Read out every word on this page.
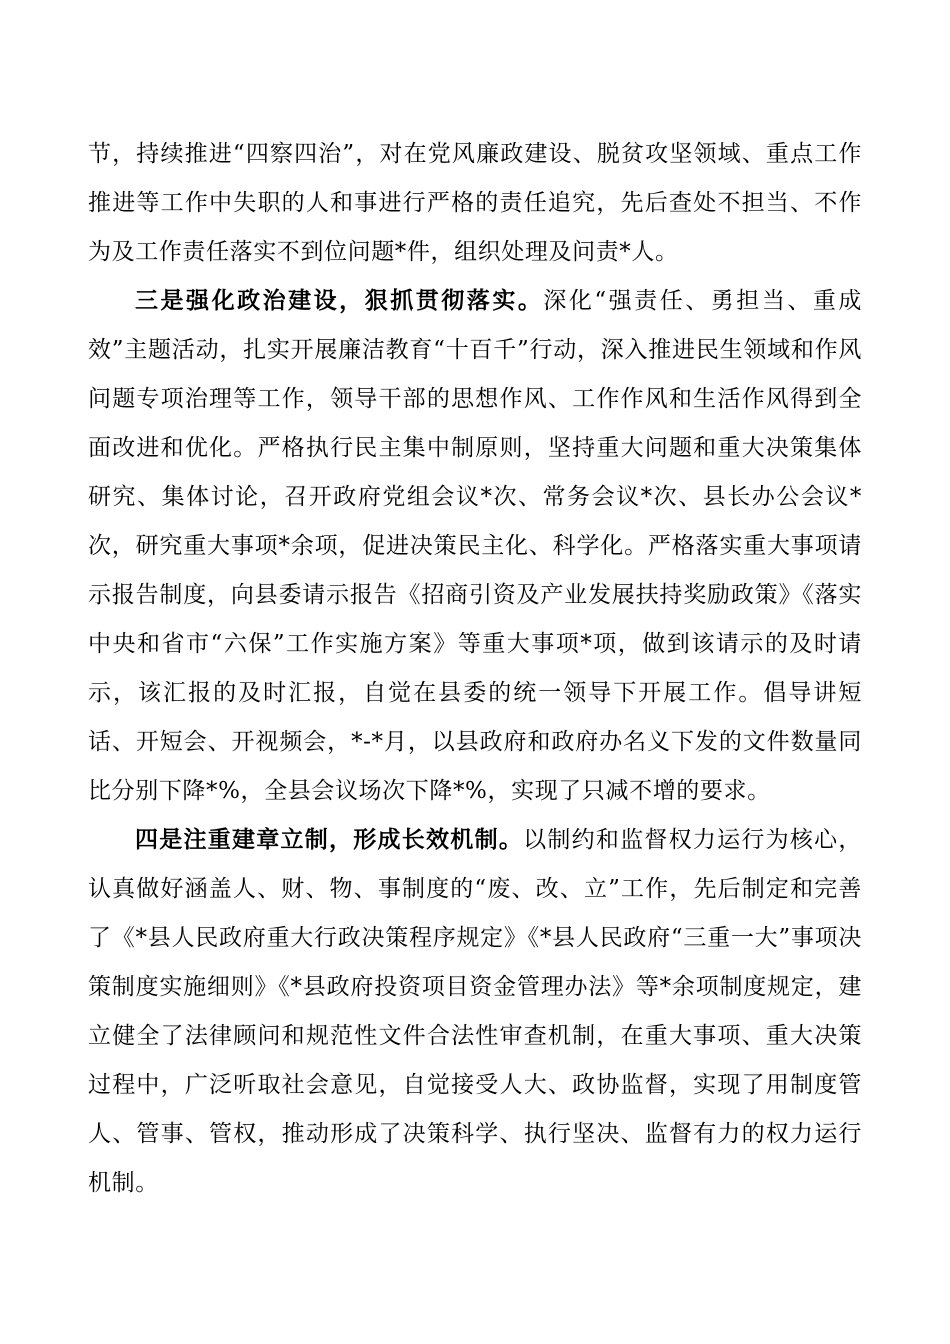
节，持续推进“四察四治”，对在党风廉政建设、脱贫攻坚领域、重点工作推进等工作中失职的人和事进行严格的责任追究，先后查处不担当、不作为及工作责任落实不到位问题*件，组织处理及问责*人。

三是强化政治建设，狠抓贯彻落实。深化“强责任、勇担当、重成效”主题活动，扎实开展廉洁教育“十百千”行动，深入推进民生领域和作风问题专项治理等工作，领导干部的思想作风、工作作风和生活作风得到全面改进和优化。严格执行民主集中制原则，坚持重大问题和重大决策集体研究、集体讨论，召开政府党组会议*次、常务会议*次、县长办公会议*次，研究重大事项*余项，促进决策民主化、科学化。严格落实重大事项请示报告制度，向县委请示报告《招商引资及产业发展扶持奖励政策》《落实中央和省市“六保”工作实施方案》等重大事项*项，做到该请示的及时请示，该汇报的及时汇报，自觉在县委的统一领导下开展工作。倡导讲短话、开短会、开视频会，*-*月，以县政府和政府办名义下发的文件数量同比分别下降*%，全县会议场次下降*%，实现了只减不增的要求。

四是注重建章立制，形成长效机制。以制约和监督权力运行为核心，认真做好涵盖人、财、物、事制度的“废、改、立”工作，先后制定和完善了《*县人民政府重大行政决策程序规定》《*县人民政府“三重一大”事项决策制度实施细则》《*县政府投资项目资金管理办法》等*余项制度规定，建立健全了法律顾问和规范性文件合法性审查机制，在重大事项、重大决策过程中，广泛听取社会意见，自觉接受人大、政协监督，实现了用制度管人、管事、管权，推动形成了决策科学、执行坚决、监督有力的权力运行机制。
